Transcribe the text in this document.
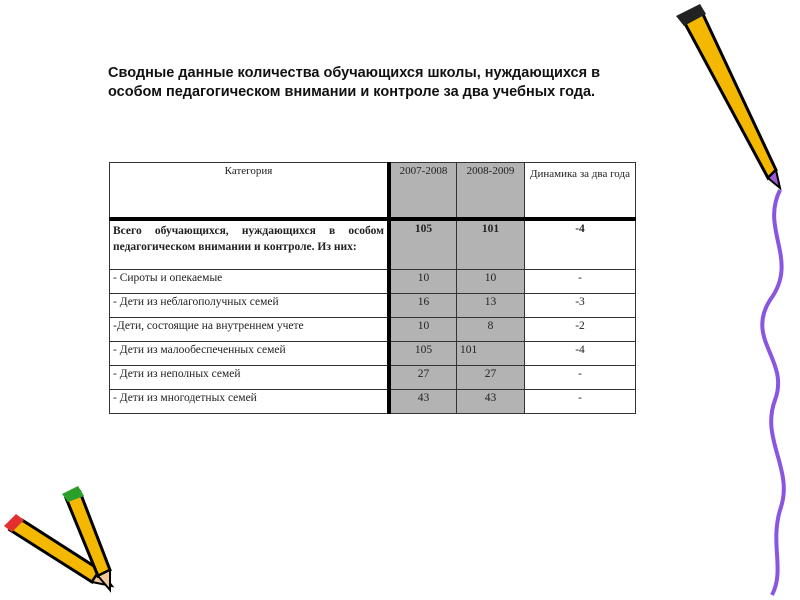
Сводные данные количества обучающихся школы, нуждающихся в особом педагогическом внимании и контроле за два учебных года.
Категория	2007-2008	2008-2009	Динамика за два года
Всего обучающихся, нуждающихся в особом педагогическом внимании и контроле. Из них:	105	101	-4
- Сироты и опекаемые	10	10	-
- Дети из неблагополучных семей	16	13	-3
-Дети, состоящие на внутреннем учете	10	8	-2
- Дети из малообеспеченных семей	105	101	-4
- Дети из неполных семей	27	27	-
- Дети из многодетных семей	43	43	-
